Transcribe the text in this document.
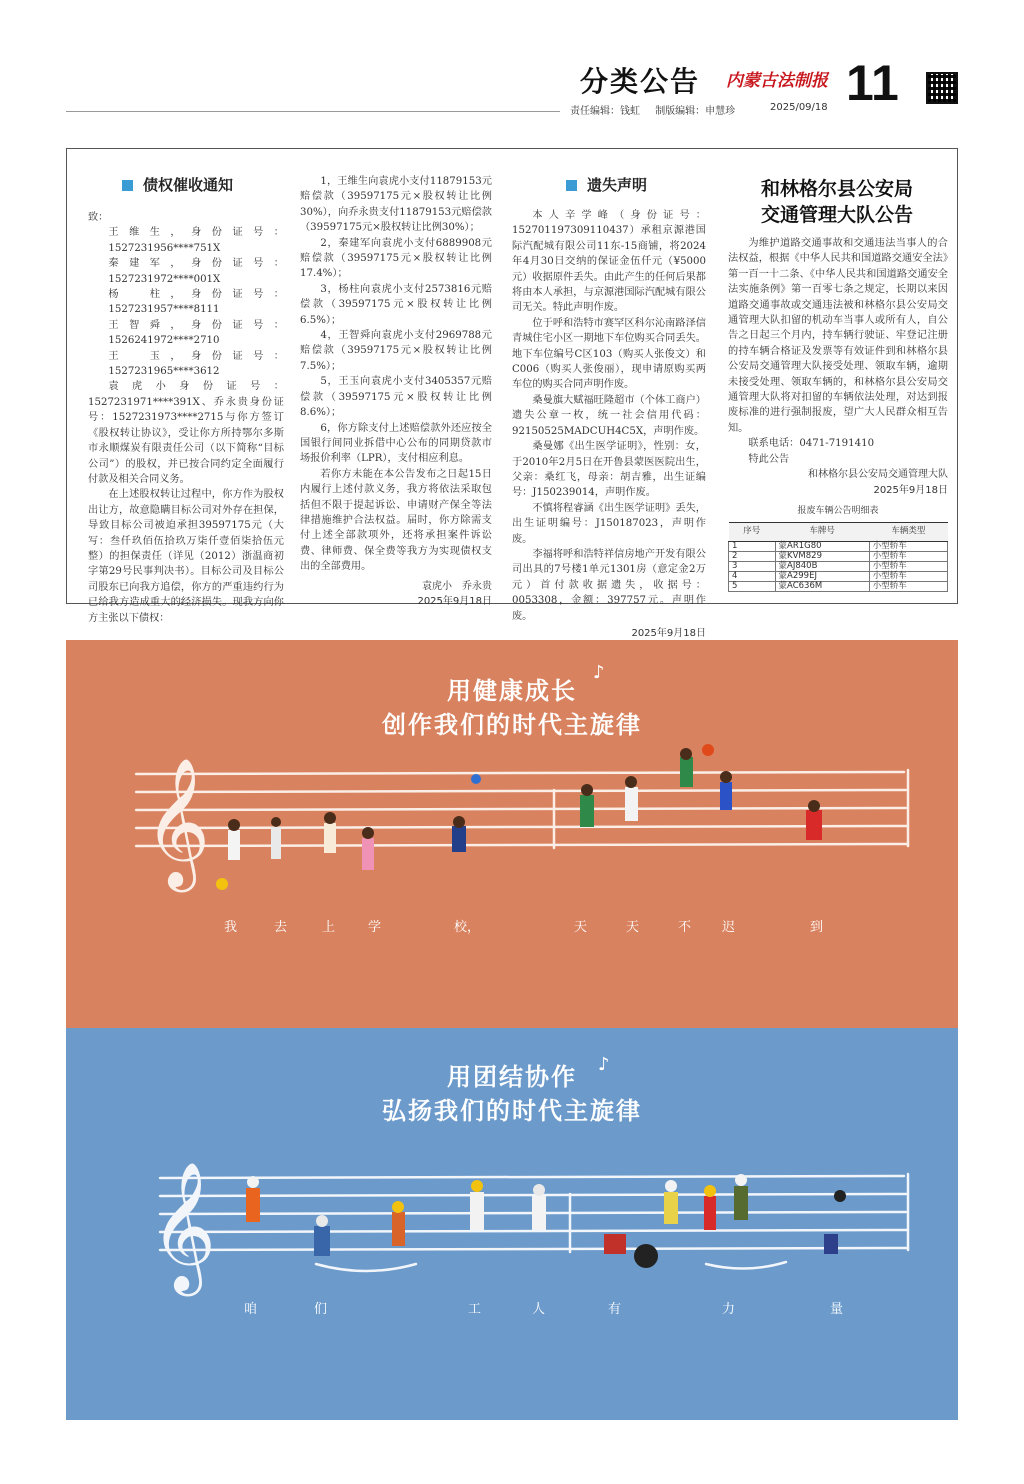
分类公告 内蒙古法制报 11
责任编辑：钱虹 制版编辑：申慧珍	2025/09/18
债权催收通知

致：

王维生，身份证号：1527231956****751X

秦建军，身份证号：1527231972****001X

杨　柱，身份证号：1527231957****8111

王智舜，身份证号：1526241972****2710

王　玉，身份证号：1527231965****3612

袁虎小身份证号：1527231971****391X、乔永贵身份证号：1527231973****2715与你方签订《股权转让协议》，受让你方所持鄂尔多斯市永顺煤炭有限责任公司（以下简称“目标公司”）的股权，并已按合同约定全面履行付款及相关合同义务。

在上述股权转让过程中，你方作为股权出让方，故意隐瞒目标公司对外存在担保，导致目标公司被迫承担39597175元（大写：叁仟玖佰伍拾玖万柒仟壹佰柒拾伍元整）的担保责任（详见（2012）浙温商初字第29号民事判决书）。目标公司及目标公司股东已向我方追偿，你方的严重违约行为已给我方造成重大的经济损失。现我方向你方主张以下债权：

1，王维生向袁虎小支付11879153元赔偿款（39597175元×股权转让比例30%），向乔永贵支付11879153元赔偿款（39597175元×股权转让比例30%）；

2，秦建军向袁虎小支付6889908元赔偿款（39597175元×股权转让比例17.4%）；

3，杨柱向袁虎小支付2573816元赔偿款（39597175元×股权转让比例6.5%）；

4，王智舜向袁虎小支付2969788元赔偿款（39597175元×股权转让比例7.5%）；

5，王玉向袁虎小支付3405357元赔偿款（39597175元×股权转让比例8.6%）；

6，你方除支付上述赔偿款外还应按全国银行间同业拆借中心公布的同期贷款市场报价利率（LPR），支付相应利息。

若你方未能在本公告发布之日起15日内履行上述付款义务，我方将依法采取包括但不限于提起诉讼、申请财产保全等法律措施维护合法权益。届时，你方除需支付上述全部款项外，还将承担案件诉讼费、律师费、保全费等我方为实现债权支出的全部费用。

袁虎小　乔永贵
2025年9月18日
遗失声明

本人辛学峰（身份证号：152701197309110437）承租京源港国际汽配城有限公司11东-15商铺，将2024年4月30日交纳的保证金伍仟元（¥5000元）收据原件丢失。由此产生的任何后果都将由本人承担，与京源港国际汽配城有限公司无关。特此声明作废。

位于呼和浩特市赛罕区科尔沁南路泽信青城住宅小区一期地下车位购买合同丢失。地下车位编号C区103（购买人张俊文）和C006（购买人张俊丽），现申请原购买两车位的购买合同声明作废。

桑曼旗大赋福旺隆超市（个体工商户）遗失公章一枚，统一社会信用代码：92150525MADCUH4C5X，声明作废。

桑曼娜《出生医学证明》，性别：女，于2010年2月5日在开鲁县蒙医医院出生，父亲：桑红飞，母亲：胡吉雅，出生证编号：J150239014，声明作废。

不慎将程睿涵《出生医学证明》丢失，出生证明编号：J150187023，声明作废。

李福将呼和浩特祥信房地产开发有限公司出具的7号楼1单元1301房（意定金2万元）首付款收据遗失，收据号：0053308，金额：397757元。声明作废。

2025年9月18日
和林格尔县公安局
交通管理大队公告

为维护道路交通事故和交通违法当事人的合法权益，根据《中华人民共和国道路交通安全法》第一百一十二条、《中华人民共和国道路交通安全法实施条例》第一百零七条之规定，长期以来因道路交通事故或交通违法被和林格尔县公安局交通管理大队扣留的机动车当事人或所有人，自公告之日起三个月内，持车辆行驶证、牢登记注册的持车辆合格证及发票等有效证件到和林格尔县公安局交通管理大队接受处理、领取车辆，逾期未接受处理、领取车辆的，和林格尔县公安局交通管理大队将对扣留的车辆依法处理，对达到报废标准的进行强制报废，望广大人民群众相互告知。

联系电话：0471-7191410

特此公告

和林格尔县公安局交通管理大队
2025年9月18日
报废车辆公告明细表
序号	车牌号	车辆类型
1	蒙AR1G80	小型轿车
2	蒙KVM829	小型轿车
3	蒙AJ840B	小型轿车
4	蒙A299EJ	小型轿车
5	蒙AC636M	小型轿车
用健康成长
创作我们的时代主旋律
𝄞
♪
我	去	上	学	校，	天	天	不 迟	到
用团结协作
弘扬我们的时代主旋律
𝄞
♪
咱	们	工	人	有	力	量
